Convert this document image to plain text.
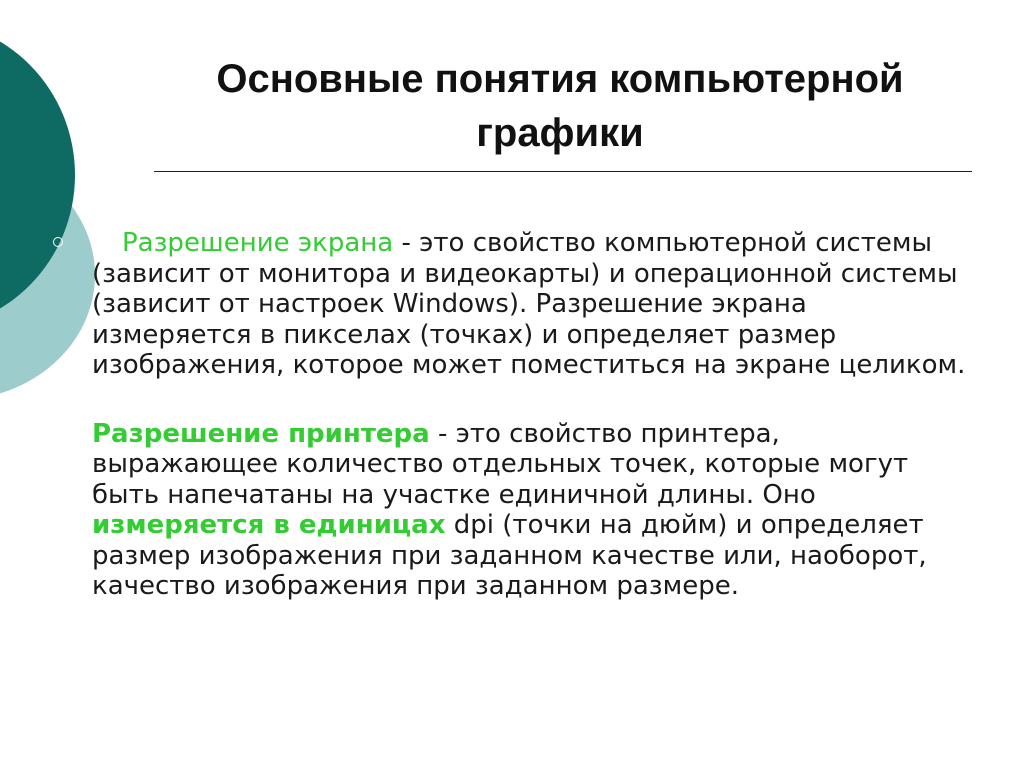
Основные понятия компьютерной
графики

Разрешение экрана - это свойство компьютерной системы (зависит от монитора и видеокарты) и операционной системы (зависит от настроек Windows). Разрешение экрана измеряется в пикселах (точках) и определяет размер изображения, которое может поместиться на экране целиком.

Разрешение принтера - это свойство принтера, выражающее количество отдельных точек, которые могут быть напечатаны на участке единичной длины. Оно измеряется в единицах dpi (точки на дюйм) и определяет размер изображения при заданном качестве или, наоборот, качество изображения при заданном размере.
